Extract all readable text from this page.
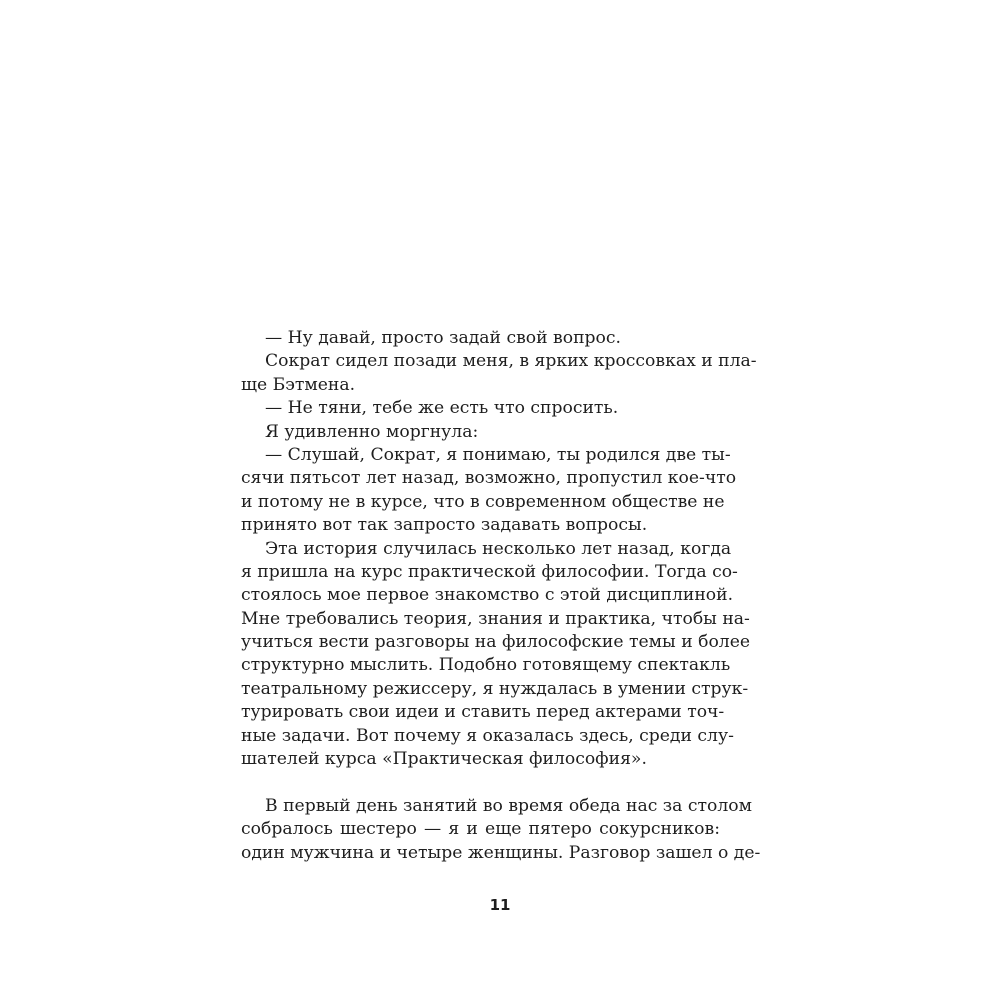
— Ну давай, просто задай свой вопрос.
Сократ сидел позади меня, в ярких кроссовках и пла-
ще Бэтмена.
— Не тяни, тебе же есть что спросить.
Я удивленно моргнула:
— Слушай, Сократ, я понимаю, ты родился две ты-
сячи пятьсот лет назад, возможно, пропустил кое-что
и потому не в курсе, что в современном обществе не
принято вот так запросто задавать вопросы.
Эта история случилась несколько лет назад, когда
я пришла на курс практической философии. Тогда со-
стоялось мое первое знакомство с этой дисциплиной.
Мне требовались теория, знания и практика, чтобы на-
учиться вести разговоры на философские темы и более
структурно мыслить. Подобно готовящему спектакль
театральному режиссеру, я нуждалась в умении струк-
турировать свои идеи и ставить перед актерами точ-
ные задачи. Вот почему я оказалась здесь, среди слу-
шателей курса «Практическая философия».
В первый день занятий во время обеда нас за столом
собралось шестеро — я и еще пятеро сокурсников:
один мужчина и четыре женщины. Разговор зашел о де-
11
